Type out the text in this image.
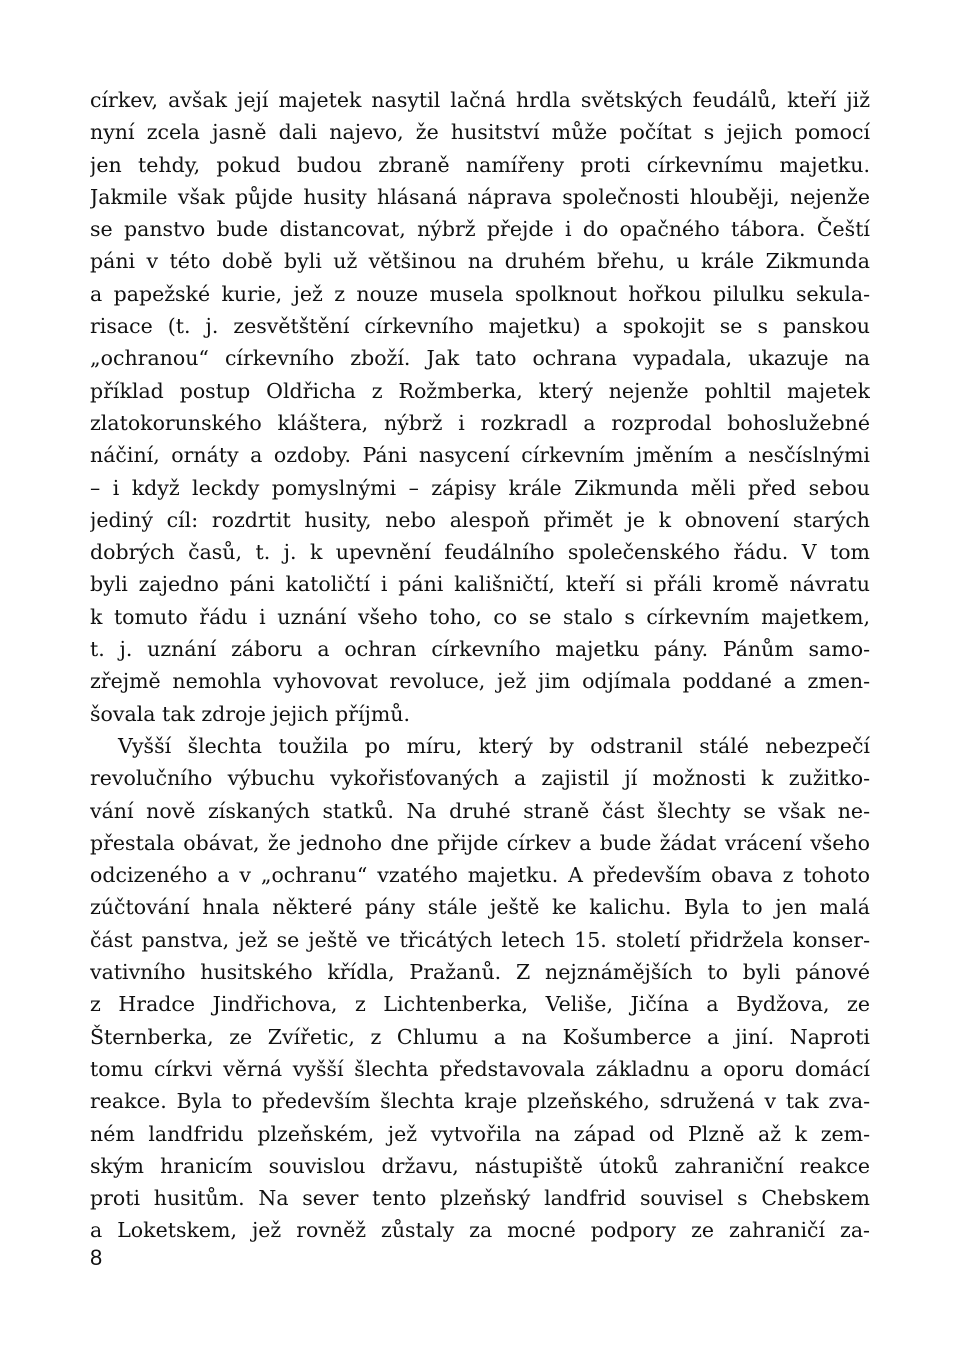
církev, avšak její majetek nasytil lačná hrdla světských feudálů, kteří již
nyní zcela jasně dali najevo, že husitství může počítat s jejich pomocí
jen tehdy, pokud budou zbraně namířeny proti církevnímu majetku.
Jakmile však půjde husity hlásaná náprava společnosti hlouběji, nejenže
se panstvo bude distancovat, nýbrž přejde i do opačného tábora. Čeští
páni v této době byli už většinou na druhém břehu, u krále Zikmunda
a papežské kurie, jež z nouze musela spolknout hořkou pilulku sekula-
risace (t. j. zesvětštění církevního majetku) a spokojit se s panskou
„ochranou“ církevního zboží. Jak tato ochrana vypadala, ukazuje na
příklad postup Oldřicha z Rožmberka, který nejenže pohltil majetek
zlatokorunského kláštera, nýbrž i rozkradl a rozprodal bohoslužebné
náčiní, ornáty a ozdoby. Páni nasycení církevním jměním a nesčíslnými
– i když leckdy pomyslnými – zápisy krále Zikmunda měli před sebou
jediný cíl: rozdrtit husity, nebo alespoň přimět je k obnovení starých
dobrých časů, t. j. k upevnění feudálního společenského řádu. V tom
byli zajedno páni katoličtí i páni kališničtí, kteří si přáli kromě návratu
k tomuto řádu i uznání všeho toho, co se stalo s církevním majetkem,
t. j. uznání záboru a ochran církevního majetku pány. Pánům samo-
zřejmě nemohla vyhovovat revoluce, jež jim odjímala poddané a zmen-
šovala tak zdroje jejich příjmů.
Vyšší šlechta toužila po míru, který by odstranil stálé nebezpečí
revolučního výbuchu vykořisťovaných a zajistil jí možnosti k zužitko-
vání nově získaných statků. Na druhé straně část šlechty se však ne-
přestala obávat, že jednoho dne přijde církev a bude žádat vrácení všeho
odcizeného a v „ochranu“ vzatého majetku. A především obava z tohoto
zúčtování hnala některé pány stále ještě ke kalichu. Byla to jen malá
část panstva, jež se ještě ve třicátých letech 15. století přidržela konser-
vativního husitského křídla, Pražanů. Z nejznámějších to byli pánové
z Hradce Jindřichova, z Lichtenberka, Veliše, Jičína a Bydžova, ze
Šternberka, ze Zvířetic, z Chlumu a na Košumberce a jiní. Naproti
tomu církvi věrná vyšší šlechta představovala základnu a oporu domácí
reakce. Byla to především šlechta kraje plzeňského, sdružená v tak zva-
ném landfridu plzeňském, jež vytvořila na západ od Plzně až k zem-
ským hranicím souvislou državu, nástupiště útoků zahraniční reakce
proti husitům. Na sever tento plzeňský landfrid souvisel s Chebskem
a Loketskem, jež rovněž zůstaly za mocné podpory ze zahraničí za-
8
